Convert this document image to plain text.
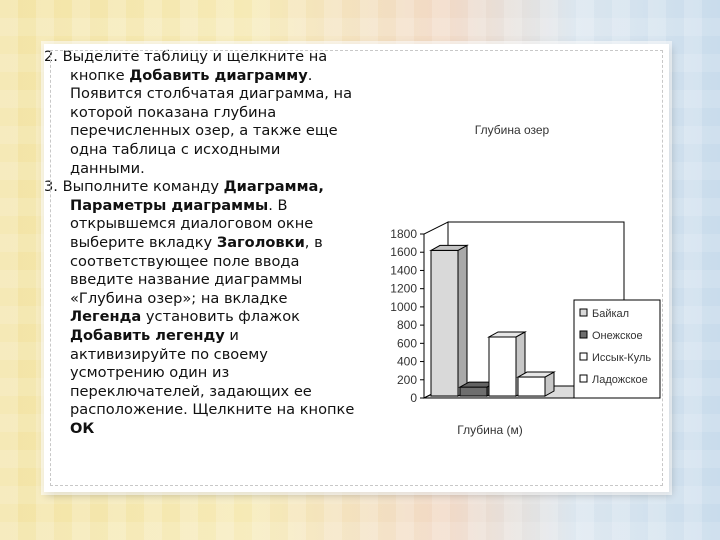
2. Выделите таблицу и щелкните на кнопке Добавить диаграмму. Появится столбчатая диаграмма, на которой показана глубина перечисленных озер, а также еще одна таблица с исходными данными.

3. Выполните команду Диаграмма, Параметры диаграммы. В открывшемся диалоговом окне выберите вкладку Заголовки, в соответствующее поле ввода введите название диаграммы «Глубина озер»; на вкладке Легенда установить флажок Добавить легенду и активизируйте по своему усмотрению один из переключателей, задающих ее расположение. Щелкните на кнопке ОК

Глубина озер
Глубина (м)
0
200
400
600
800
1000
1200
1400
1600
1800
Байкал
Онежское
Иссык-Куль
Ладожское
